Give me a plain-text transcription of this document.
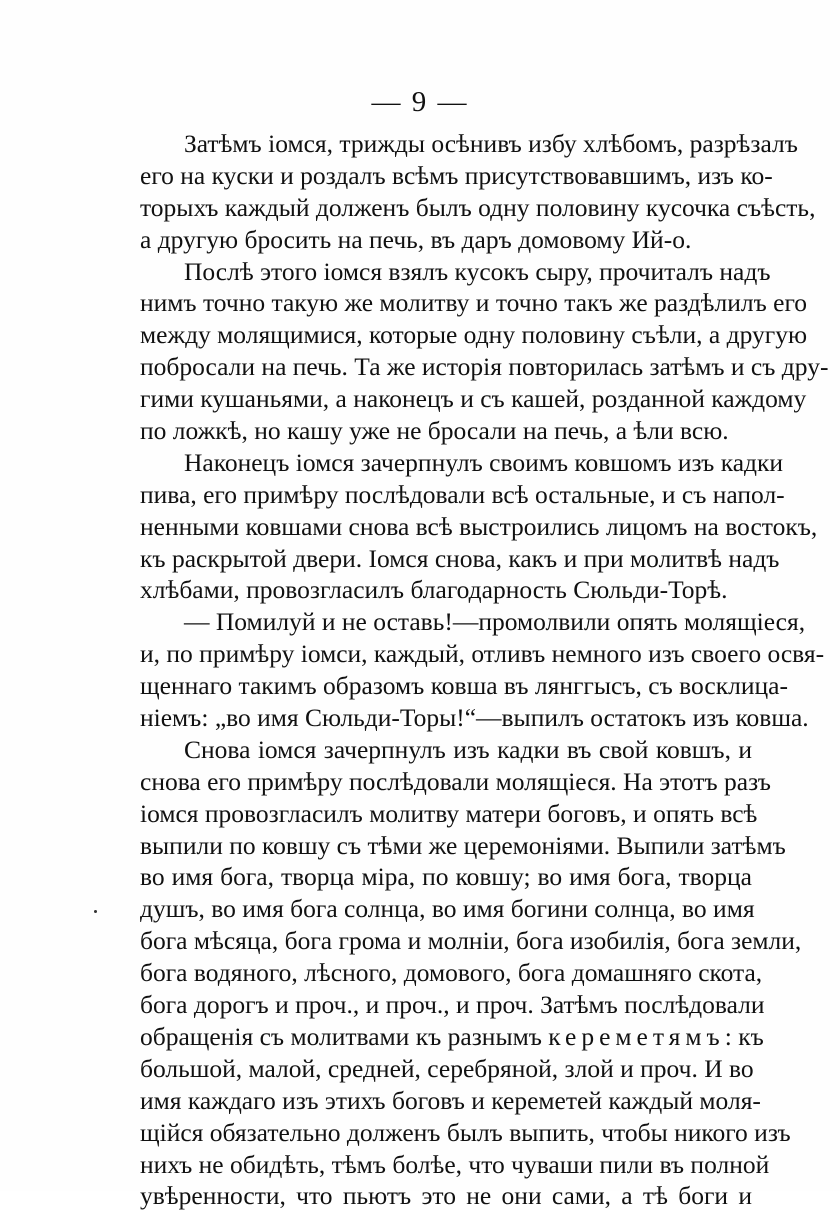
— 9 —
Затѣмъ іомся, трижды осѣнивъ избу хлѣбомъ, разрѣзалъ
его на куски и роздалъ всѣмъ присутствовавшимъ, изъ ко-
торыхъ каждый долженъ былъ одну половину кусочка съѣсть,
а другую бросить на печь, въ даръ домовому Ий-о.
Послѣ этого іомся взялъ кусокъ сыру, прочиталъ надъ
нимъ точно такую же молитву и точно такъ же раздѣлилъ его
между молящимися, которые одну половину съѣли, а другую
побросали на печь. Та же исторія повторилась затѣмъ и съ дру-
гими кушаньями, а наконецъ и съ кашей, розданной каждому
по ложкѣ, но кашу уже не бросали на печь, а ѣли всю.
Наконецъ іомся зачерпнулъ своимъ ковшомъ изъ кадки
пива, его примѣру послѣдовали всѣ остальные, и съ напол-
ненными ковшами снова всѣ выстроились лицомъ на востокъ,
къ раскрытой двери. Іомся снова, какъ и при молитвѣ надъ
хлѣбами, провозгласилъ благодарность Сюльди-Торѣ.
— Помилуй и не оставь!—промолвили опять молящіеся,
и, по примѣру іомси, каждый, отливъ немного изъ своего освя-
щеннаго такимъ образомъ ковша въ лянггысъ, съ восклица-
ніемъ: „во имя Сюльди-Торы!“—выпилъ остатокъ изъ ковша.
Снова іомся зачерпнулъ изъ кадки въ свой ковшъ, и
снова его примѣру послѣдовали молящіеся. На этотъ разъ
іомся провозгласилъ молитву матери боговъ, и опять всѣ
выпили по ковшу съ тѣми же церемоніями. Выпили затѣмъ
во имя бога, творца міра, по ковшу; во имя бога, творца
душъ, во имя бога солнца, во имя богини солнца, во имя
бога мѣсяца, бога грома и молніи, бога изобилія, бога земли,
бога водяного, лѣсного, домового, бога домашняго скота,
бога дорогъ и проч., и проч., и проч. Затѣмъ послѣдовали
обращенія съ молитвами къ разнымъ кереметямъ: къ
большой, малой, средней, серебряной, злой и проч. И во
имя каждаго изъ этихъ боговъ и кереметей каждый моля-
щійся обязательно долженъ былъ выпить, чтобы никого изъ
нихъ не обидѣть, тѣмъ болѣе, что чуваши пили въ полной
увѣренности, что пьютъ это не они сами, а тѣ боги и
